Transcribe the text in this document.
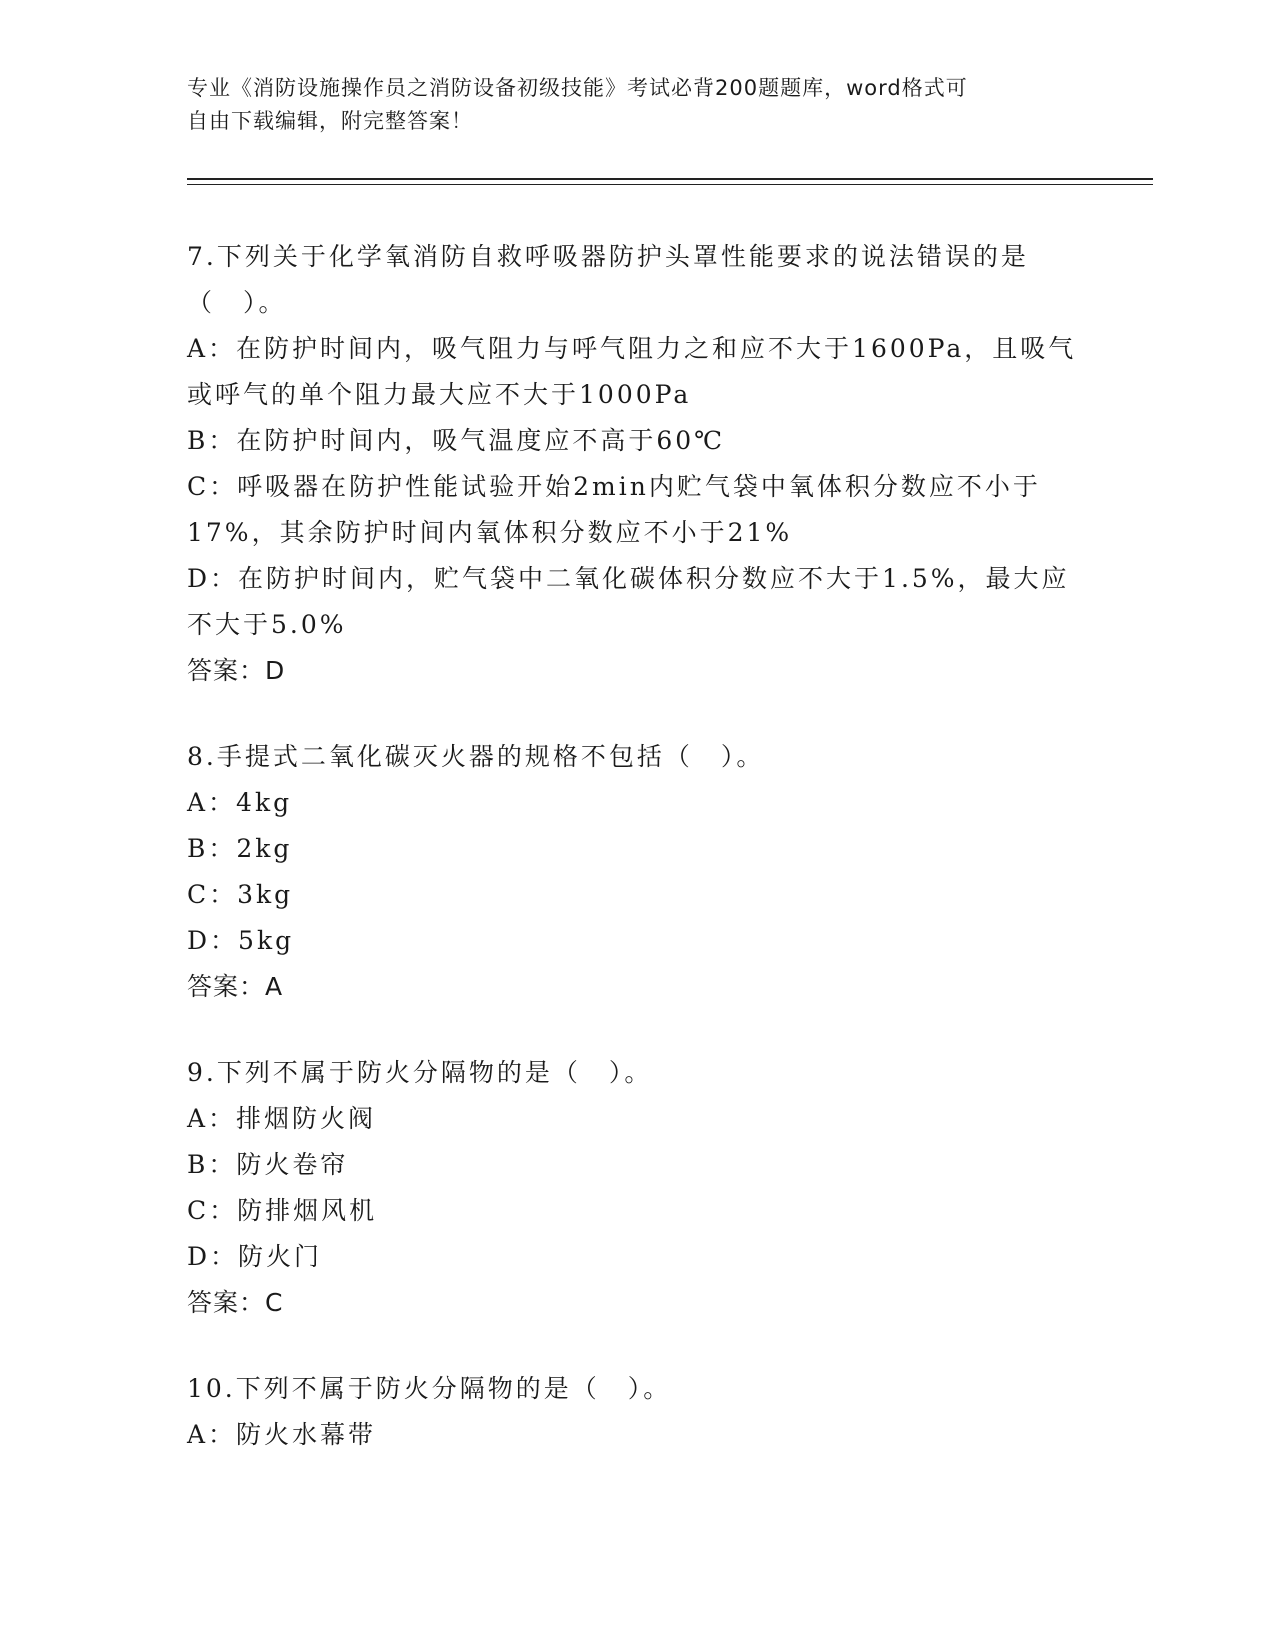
专业《消防设施操作员之消防设备初级技能》考试必背200题题库，word格式可
自由下载编辑，附完整答案！
7.下列关于化学氧消防自救呼吸器防护头罩性能要求的说法错误的是
（　）。
A：在防护时间内，吸气阻力与呼气阻力之和应不大于1600Pa，且吸气
或呼气的单个阻力最大应不大于1000Pa
B：在防护时间内，吸气温度应不高于60℃
C：呼吸器在防护性能试验开始2min内贮气袋中氧体积分数应不小于
17%，其余防护时间内氧体积分数应不小于21%
D：在防护时间内，贮气袋中二氧化碳体积分数应不大于1.5%，最大应
不大于5.0%
答案：D
8.手提式二氧化碳灭火器的规格不包括（　）。
A：4kg
B：2kg
C：3kg
D：5kg
答案：A
9.下列不属于防火分隔物的是（　）。
A：排烟防火阀
B：防火卷帘
C：防排烟风机
D：防火门
答案：C
10.下列不属于防火分隔物的是（　）。
A：防火水幕带
